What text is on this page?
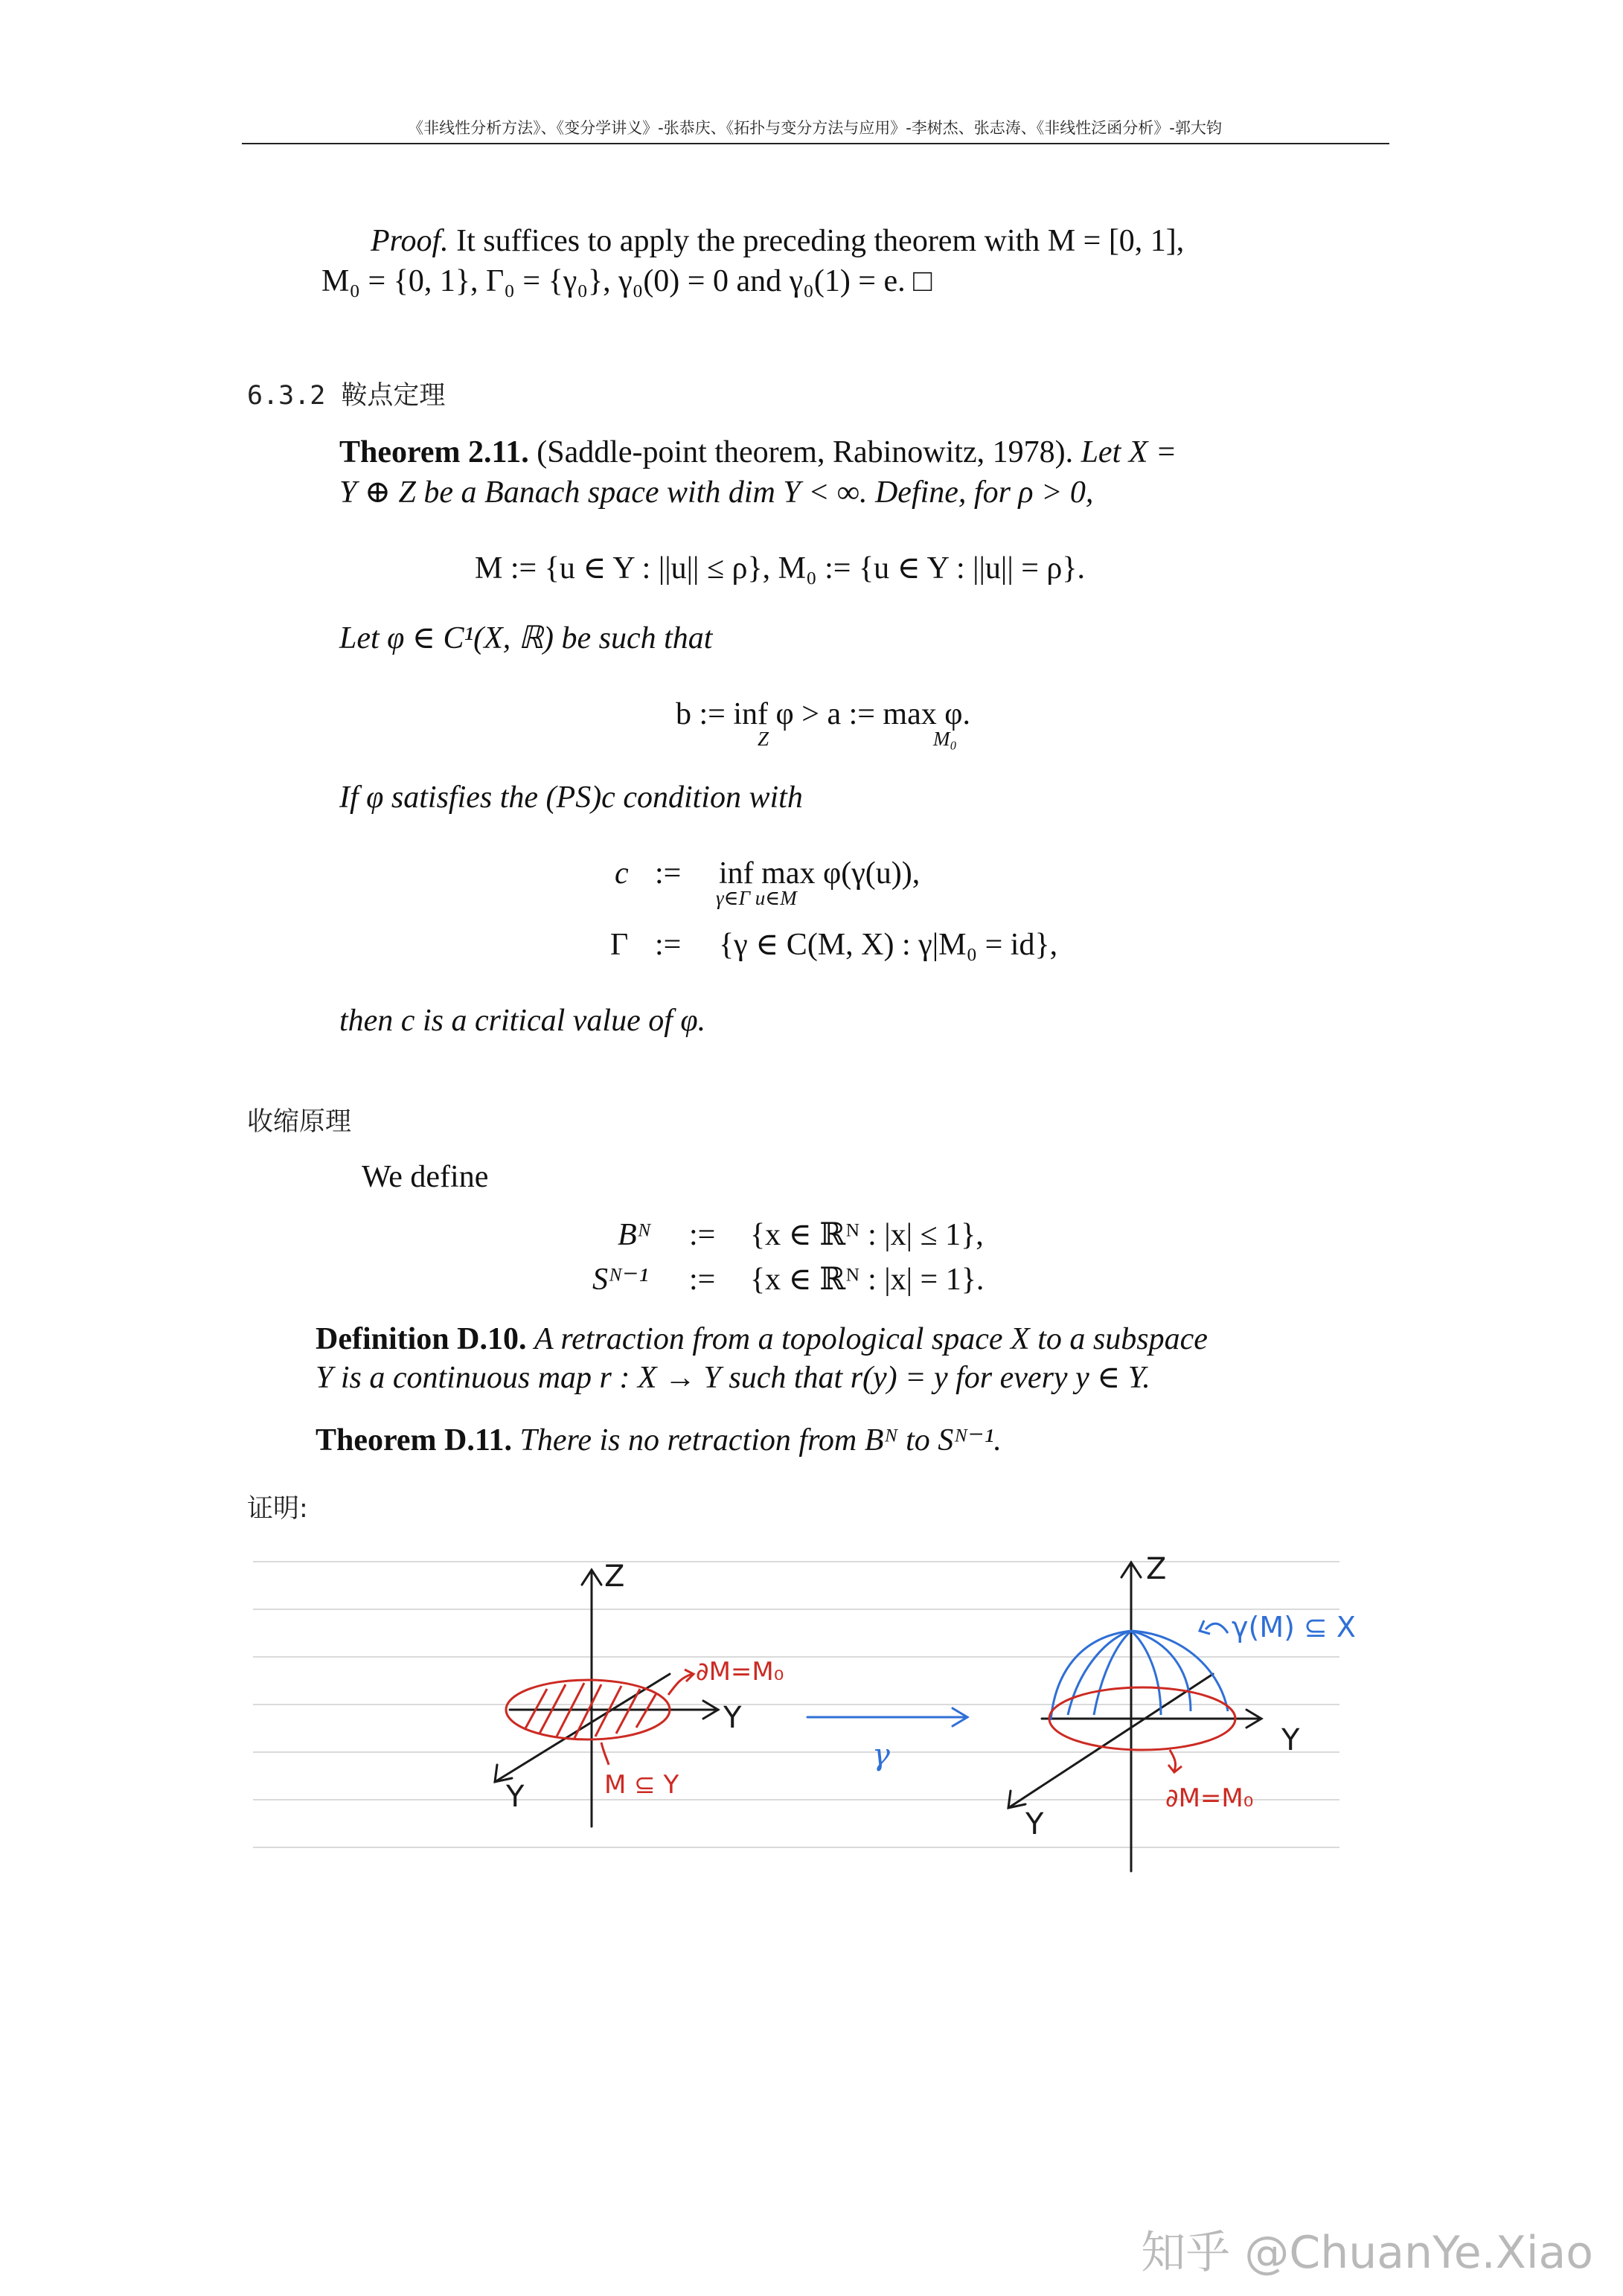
《非线性分析方法》、《变分学讲义》-张恭庆、《拓扑与变分方法与应用》-李树杰、张志涛、《非线性泛函分析》-郭大钧
Proof. It suffices to apply the preceding theorem with M = [0, 1],
M₀ = {0, 1}, Γ₀ = {γ₀}, γ₀(0) = 0 and γ₀(1) = e. □
6.3.2 鞍点定理
Theorem 2.11. (Saddle-point theorem, Rabinowitz, 1978). Let X =
Y ⊕ Z be a Banach space with dim Y < ∞. Define, for ρ > 0,
M := {u ∈ Y : ||u|| ≤ ρ}, M₀ := {u ∈ Y : ||u|| = ρ}.
Let φ ∈ C¹(X, ℝ) be such that
b := inf φ > a := max φ.
Z	M₀
If φ satisfies the (PS)c condition with
c := inf max φ(γ(u)),
γ∈Γ u∈M
Γ := {γ ∈ C(M, X) : γ|M₀ = id},
then c is a critical value of φ.
收缩原理
We define
Bᴺ := {x ∈ ℝᴺ : |x| ≤ 1},
Sᴺ⁻¹ := {x ∈ ℝᴺ : |x| = 1}.
Definition D.10. A retraction from a topological space X to a subspace
Y is a continuous map r : X → Y such that r(y) = y for every y ∈ Y.
Theorem D.11. There is no retraction from Bᴺ to Sᴺ⁻¹.
证明:
Z
Y
Y
∂M=M₀
M ⊆ Y
γ
Z
Y
Y
γ(M) ⊆ X
∂M=M₀
知乎 @ChuanYe.Xiao
